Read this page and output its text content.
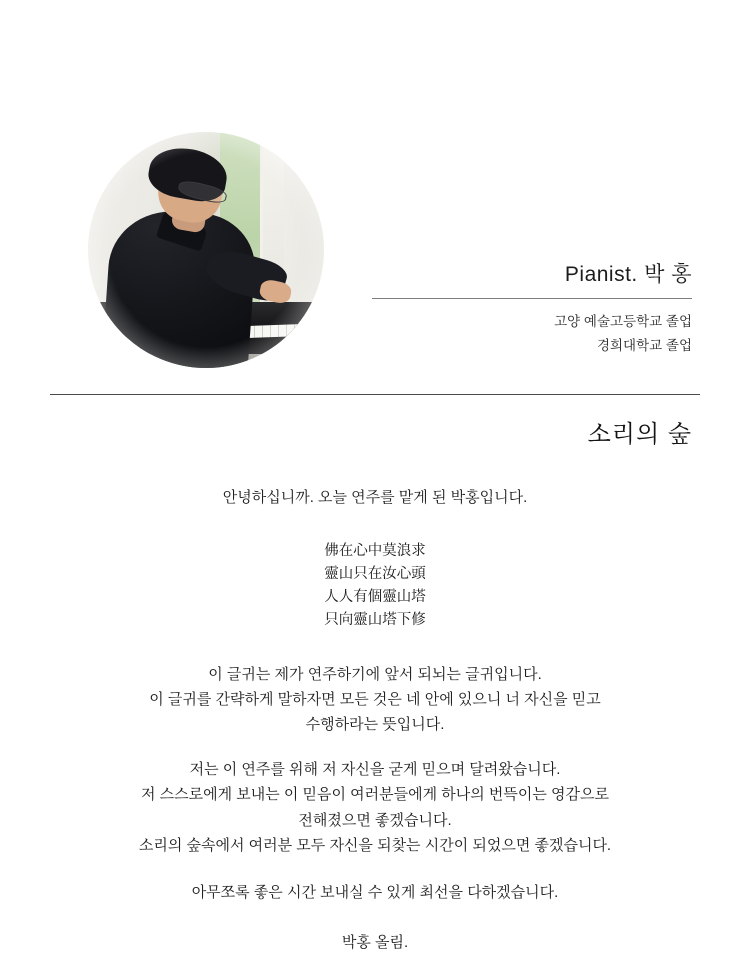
Pianist. 박 홍
고양 예술고등학교 졸업
경희대학교 졸업
소리의 숲
안녕하십니까. 오늘 연주를 맡게 된 박홍입니다.
佛在心中莫浪求
靈山只在汝心頭
人人有個靈山塔
只向靈山塔下修
이 글귀는 제가 연주하기에 앞서 되뇌는 글귀입니다.
이 글귀를 간략하게 말하자면 모든 것은 네 안에 있으니 너 자신을 믿고
수행하라는 뜻입니다.
저는 이 연주를 위해 저 자신을 굳게 믿으며 달려왔습니다.
저 스스로에게 보내는 이 믿음이 여러분들에게 하나의 번뜩이는 영감으로
전해졌으면 좋겠습니다.
소리의 숲속에서 여러분 모두 자신을 되찾는 시간이 되었으면 좋겠습니다.
아무쪼록 좋은 시간 보내실 수 있게 최선을 다하겠습니다.
박홍 올림.
